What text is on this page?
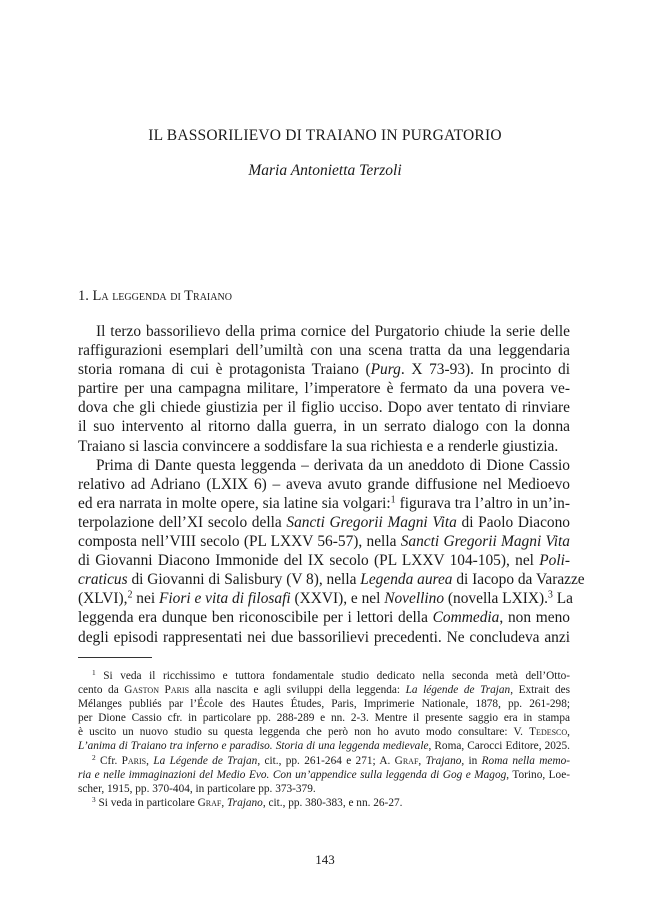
IL BASSORILIEVO DI TRAIANO IN PURGATORIO
Maria Antonietta Terzoli
1. La leggenda di Traiano
Il terzo bassorilievo della prima cornice del Purgatorio chiude la serie delle
raffigurazioni esemplari dell’umiltà con una scena tratta da una leggendaria
storia romana di cui è protagonista Traiano (Purg. X 73-93). In procinto di
partire per una campagna militare, l’imperatore è fermato da una povera ve-
dova che gli chiede giustizia per il figlio ucciso. Dopo aver tentato di rinviare
il suo intervento al ritorno dalla guerra, in un serrato dialogo con la donna
Traiano si lascia convincere a soddisfare la sua richiesta e a renderle giustizia.
Prima di Dante questa leggenda – derivata da un aneddoto di Dione Cassio
relativo ad Adriano (LXIX 6) – aveva avuto grande diffusione nel Medioevo
ed era narrata in molte opere, sia latine sia volgari:$^1$ figurava tra l’altro in un’in-
terpolazione dell’XI secolo della Sancti Gregorii Magni Vita di Paolo Diacono
composta nell’VIII secolo (PL LXXV 56-57), nella Sancti Gregorii Magni Vita
di Giovanni Diacono Immonide del IX secolo (PL LXXV 104-105), nel Poli-
craticus di Giovanni di Salisbury (V 8), nella Legenda aurea di Iacopo da Varazze
(XLVI),$^2$ nei Fiori e vita di filosafi (XXVI), e nel Novellino (novella LXIX).$^3$ La
leggenda era dunque ben riconoscibile per i lettori della Commedia, non meno
degli episodi rappresentati nei due bassorilievi precedenti. Ne concludeva anzi
$^1$ Si veda il ricchissimo e tuttora fondamentale studio dedicato nella seconda metà dell’Otto-
cento da Gaston Paris alla nascita e agli sviluppi della leggenda: La légende de Trajan, Extrait des
Mélanges publiés par l’École des Hautes Études, Paris, Imprimerie Nationale, 1878, pp. 261-298;
per Dione Cassio cfr. in particolare pp. 288-289 e nn. 2-3. Mentre il presente saggio era in stampa
è uscito un nuovo studio su questa leggenda che però non ho avuto modo consultare: V. Tedesco,
L’anima di Traiano tra inferno e paradiso. Storia di una leggenda medievale, Roma, Carocci Editore, 2025.
$^2$ Cfr. Paris, La Légende de Trajan, cit., pp. 261-264 e 271; A. Graf, Trajano, in Roma nella memo-
ria e nelle immaginazioni del Medio Evo. Con un’appendice sulla leggenda di Gog e Magog, Torino, Loe-
scher, 1915, pp. 370-404, in particolare pp. 373-379.
$^3$ Si veda in particolare Graf, Trajano, cit., pp. 380-383, e nn. 26-27.
143
